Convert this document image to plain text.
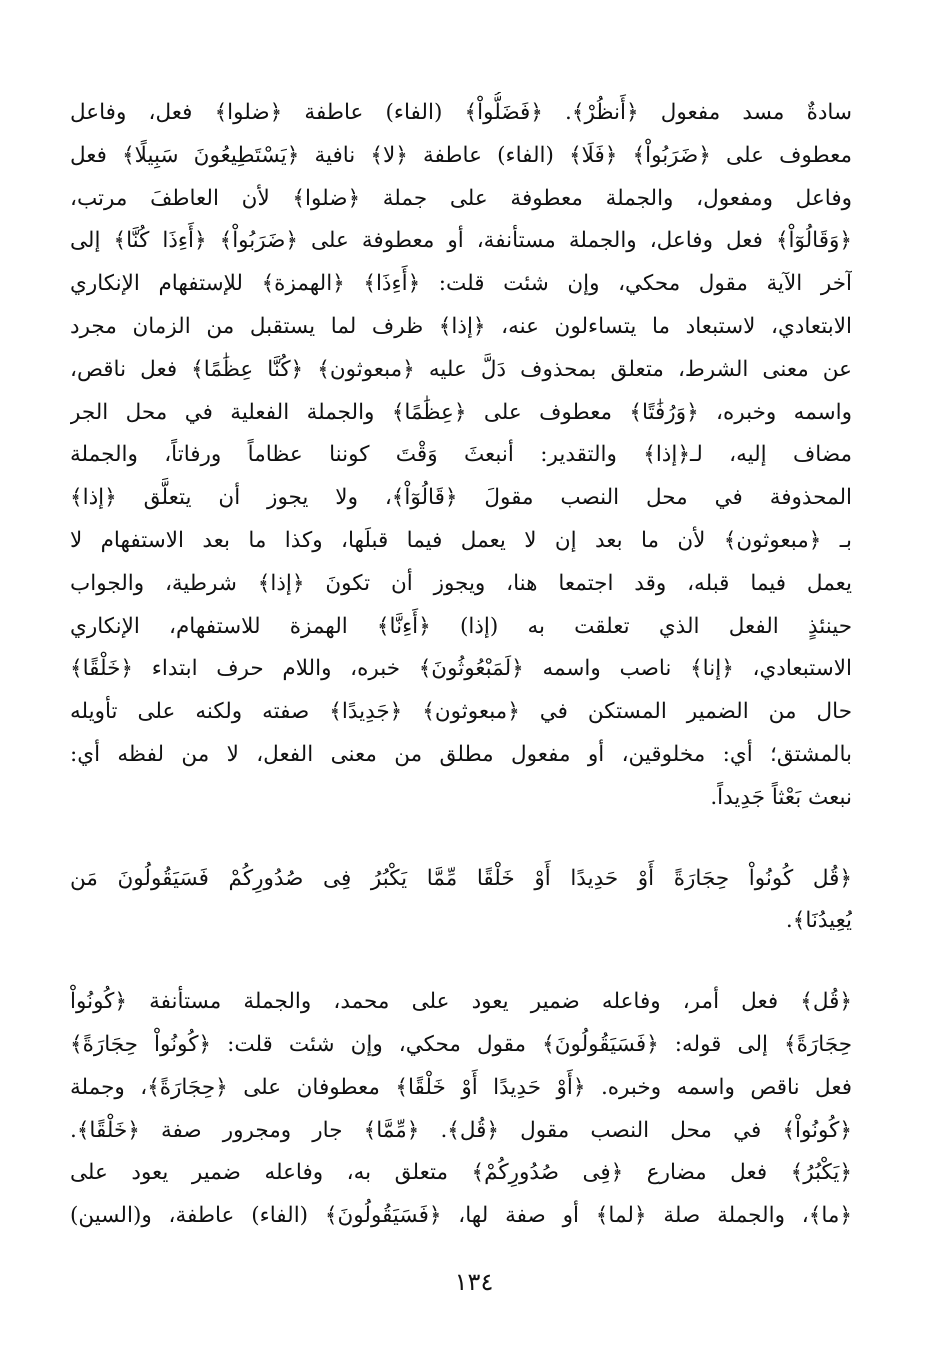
سادةٌ مسد مفعول ﴿أَنظُرْ﴾. ﴿فَضَلُّواْ﴾ (الفاء) عاطفة ﴿ضلوا﴾ فعل، وفاعل
معطوف على ﴿ضَرَبُواْ﴾ ﴿فَلَا﴾ (الفاء) عاطفة ﴿لا﴾ نافية ﴿يَسْتَطِيعُونَ سَبِيلًا﴾ فعل
وفاعل ومفعول، والجملة معطوفة على جملة ﴿ضلوا﴾ لأن العاطفَ مرتب،
﴿وَقَالُوٓاْ﴾ فعل وفاعل، والجملة مستأنفة، أو معطوفة على ﴿ضَرَبُواْ﴾ ﴿أَءِذَا كُنَّا﴾ إلى
آخر الآية مقول محكي، وإن شئت قلت: ﴿أَءِذَا﴾ ﴿الهمزة﴾ للإستفهام الإنكاري
الابتعادي، لاستبعاد ما يتساءلون عنه، ﴿إذا﴾ ظرف لما يستقبل من الزمان مجرد
عن معنى الشرط، متعلق بمحذوف دَلَّ عليه ﴿مبعوثون﴾ ﴿كُنَّا عِظَٰمًا﴾ فعل ناقص،
واسمه وخبره، ﴿وَرُفَٰتًا﴾ معطوف على ﴿عِظَٰمًا﴾ والجملة الفعلية في محل الجر
مضاف إليه، لـ﴿إذا﴾ والتقدير: أنبعثَ وَقْتَ كوننا عظاماً ورفاتاً، والجملة
المحذوفة في محل النصب مقولَ ﴿قَالُوٓاْ﴾، ولا يجوز أن يتعلَّق ﴿إذا﴾
بـ ﴿مبعوثون﴾ لأن ما بعد إن لا يعمل فيما قبلَها، وكذا ما بعد الاستفهام لا
يعمل فيما قبله، وقد اجتمعا هنا، ويجوز أن تكونَ ﴿إذا﴾ شرطية، والجواب
حينئذٍ الفعل الذي تعلقت به (إذا) ﴿أَءِنَّا﴾ الهمزة للاستفهام، الإنكاري
الاستبعادي، ﴿إنا﴾ ناصب واسمه ﴿لَمَبْعُوثُونَ﴾ خبره، واللام حرف ابتداء ﴿خَلْقًا﴾
حال من الضمير المستكن في ﴿مبعوثون﴾ ﴿جَدِيدًا﴾ صفته ولكنه على تأويله
بالمشتق؛ أي: مخلوقين، أو مفعول مطلق من معنى الفعل، لا من لفظه أي:
نبعث بَعْثاً جَدِيداً.

﴿قُل كُونُواْ حِجَارَةً أَوْ حَدِيدًا أَوْ خَلْقًا مِّمَّا يَكْبُرُ فِى صُدُورِكُمْ فَسَيَقُولُونَ مَن
يُعِيدُنَا﴾.

﴿قُل﴾ فعل أمر، وفاعله ضمير يعود على محمد، والجملة مستأنفة ﴿كُونُواْ
حِجَارَةً﴾ إلى قوله: ﴿فَسَيَقُولُونَ﴾ مقول محكي، وإن شئت قلت: ﴿كُونُواْ حِجَارَةً﴾
فعل ناقص واسمه وخبره. ﴿أَوْ حَدِيدًا أَوْ خَلْقًا﴾ معطوفان على ﴿حِجَارَةً﴾، وجملة
﴿كُونُواْ﴾ في محل النصب مقول ﴿قُل﴾. ﴿مِّمَّا﴾ جار ومجرور صفة ﴿خَلْقًا﴾.
﴿يَكْبُرُ﴾ فعل مضارع ﴿فِى صُدُورِكُمْ﴾ متعلق به، وفاعله ضمير يعود على
﴿ما﴾، والجملة صلة ﴿لما﴾ أو صفة لها، ﴿فَسَيَقُولُونَ﴾ (الفاء) عاطفة، و(السين)

١٣٤
